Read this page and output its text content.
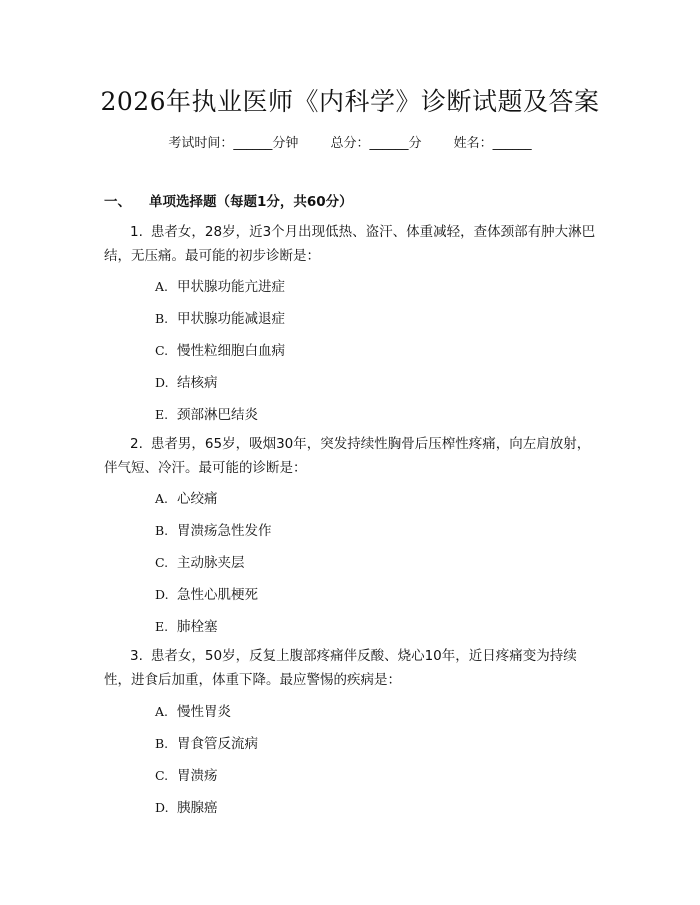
2026年执业医师《内科学》诊断试题及答案
考试时间：______分钟 总分：______分 姓名：______
一、 单项选择题（每题1分，共60分）
1. 患者女，28岁，近3个月出现低热、盗汗、体重减轻，查体颈部有肿大淋巴结，无压痛。最可能的初步诊断是：
A. 甲状腺功能亢进症
B. 甲状腺功能减退症
C. 慢性粒细胞白血病
D. 结核病
E. 颈部淋巴结炎
2. 患者男，65岁，吸烟30年，突发持续性胸骨后压榨性疼痛，向左肩放射，伴气短、冷汗。最可能的诊断是：
A. 心绞痛
B. 胃溃疡急性发作
C. 主动脉夹层
D. 急性心肌梗死
E. 肺栓塞
3. 患者女，50岁，反复上腹部疼痛伴反酸、烧心10年，近日疼痛变为持续性，进食后加重，体重下降。最应警惕的疾病是：
A. 慢性胃炎
B. 胃食管反流病
C. 胃溃疡
D. 胰腺癌
